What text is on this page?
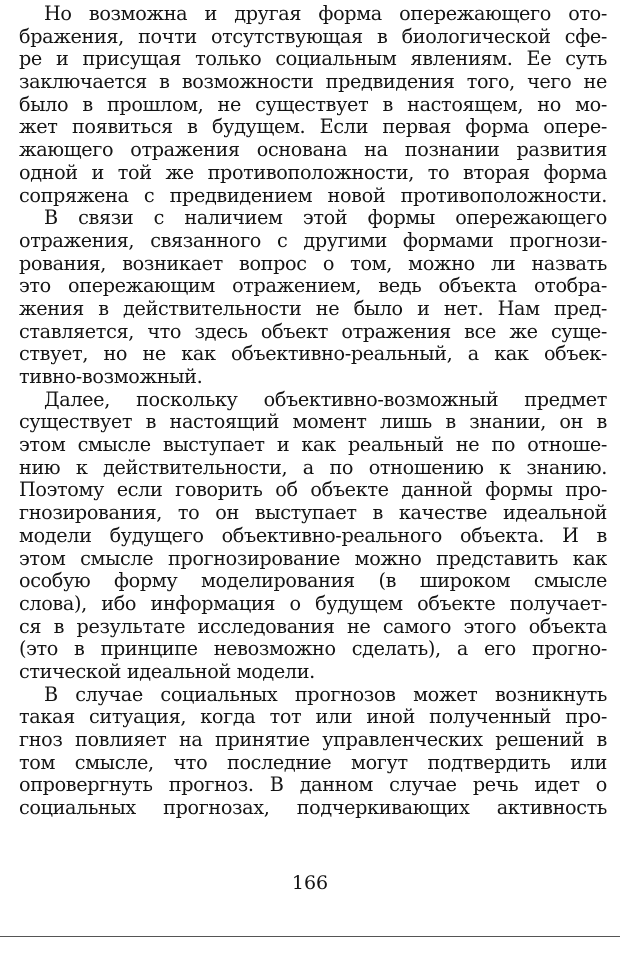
Но возможна и другая форма опережающего ото-
бражения, почти отсутствующая в биологической сфе-
ре и присущая только социальным явлениям. Ее суть
заключается в возможности предвидения того, чего не
было в прошлом, не существует в настоящем, но мо-
жет появиться в будущем. Если первая форма опере-
жающего отражения основана на познании развития
одной и той же противоположности, то вторая форма
сопряжена с предвидением новой противоположности.

В связи с наличием этой формы опережающего
отражения, связанного с другими формами прогнози-
рования, возникает вопрос о том, можно ли назвать
это опережающим отражением, ведь объекта отобра-
жения в действительности не было и нет. Нам пред-
ставляется, что здесь объект отражения все же суще-
ствует, но не как объективно-реальный, а как объек-
тивно-возможный.

Далее, поскольку объективно-возможный предмет
существует в настоящий момент лишь в знании, он в
этом смысле выступает и как реальный не по отноше-
нию к действительности, а по отношению к знанию.
Поэтому если говорить об объекте данной формы про-
гнозирования, то он выступает в качестве идеальной
модели будущего объективно-реального объекта. И в
этом смысле прогнозирование можно представить как
особую форму моделирования (в широком смысле
слова), ибо информация о будущем объекте получает-
ся в результате исследования не самого этого объекта
(это в принципе невозможно сделать), а его прогно-
стической идеальной модели.

В случае социальных прогнозов может возникнуть
такая ситуация, когда тот или иной полученный про-
гноз повлияет на принятие управленческих решений в
том смысле, что последние могут подтвердить или
опровергнуть прогноз. В данном случае речь идет о
социальных прогнозах, подчеркивающих активность

166
